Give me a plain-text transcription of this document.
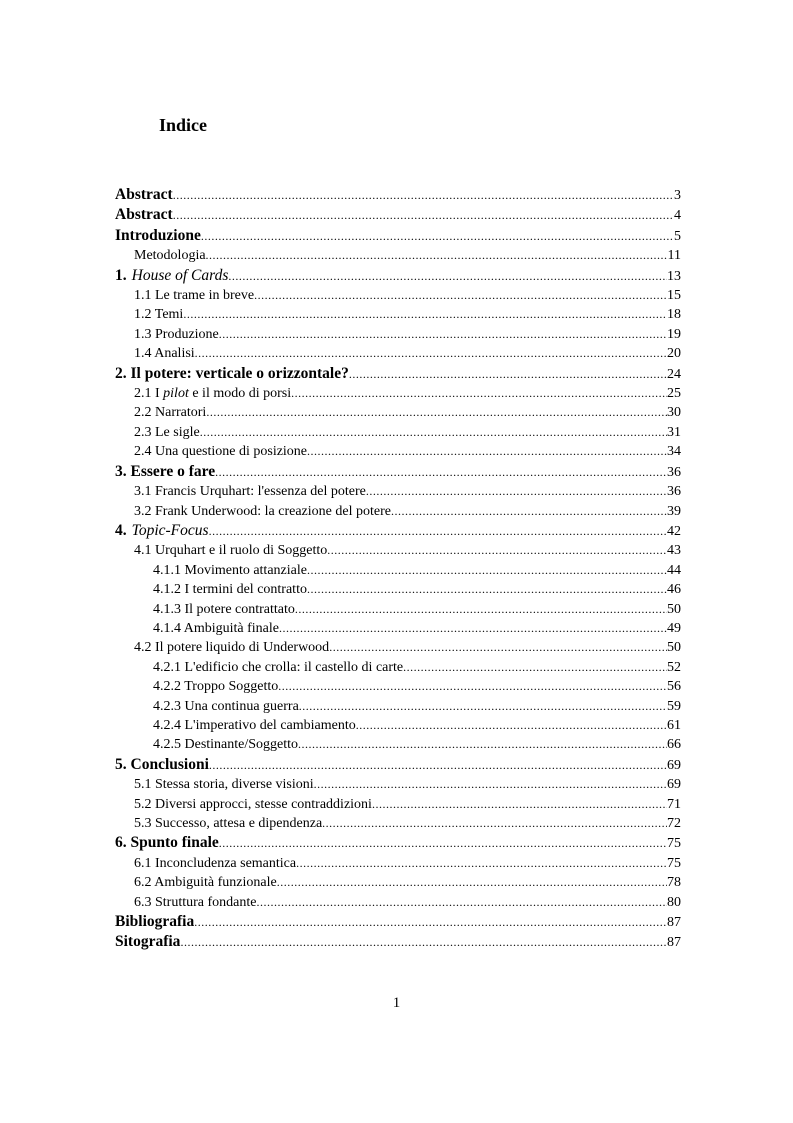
Indice
Abstract .....	3
Abstract .....	4
Introduzione .....	5
Metodologia .....	11
1. House of Cards .....	13
1.1 Le trame in breve .....	15
1.2 Temi .....	18
1.3 Produzione .....	19
1.4 Analisi .....	20
2. Il potere: verticale o orizzontale? .....	24
2.1 I pilot e il modo di porsi .....	25
2.2 Narratori .....	30
2.3 Le sigle .....	31
2.4 Una questione di posizione .....	34
3. Essere o fare .....	36
3.1 Francis Urquhart: l'essenza del potere .....	36
3.2 Frank Underwood: la creazione del potere .....	39
4. Topic-Focus .....	42
4.1 Urquhart e il ruolo di Soggetto .....	43
4.1.1 Movimento attanziale .....	44
4.1.2 I termini del contratto .....	46
4.1.3 Il potere contrattato .....	50
4.1.4 Ambiguità finale .....	49
4.2 Il potere liquido di Underwood .....	50
4.2.1 L'edificio che crolla: il castello di carte .....	52
4.2.2 Troppo Soggetto .....	56
4.2.3 Una continua guerra .....	59
4.2.4 L'imperativo del cambiamento .....	61
4.2.5 Destinante/Soggetto .....	66
5. Conclusioni .....	69
5.1 Stessa storia, diverse visioni .....	69
5.2 Diversi approcci, stesse contraddizioni .....	71
5.3 Successo, attesa e dipendenza .....	72
6. Spunto finale .....	75
6.1 Inconcludenza semantica .....	75
6.2 Ambiguità funzionale .....	78
6.3 Struttura fondante .....	80
Bibliografia .....	87
Sitografia .....	87
1
